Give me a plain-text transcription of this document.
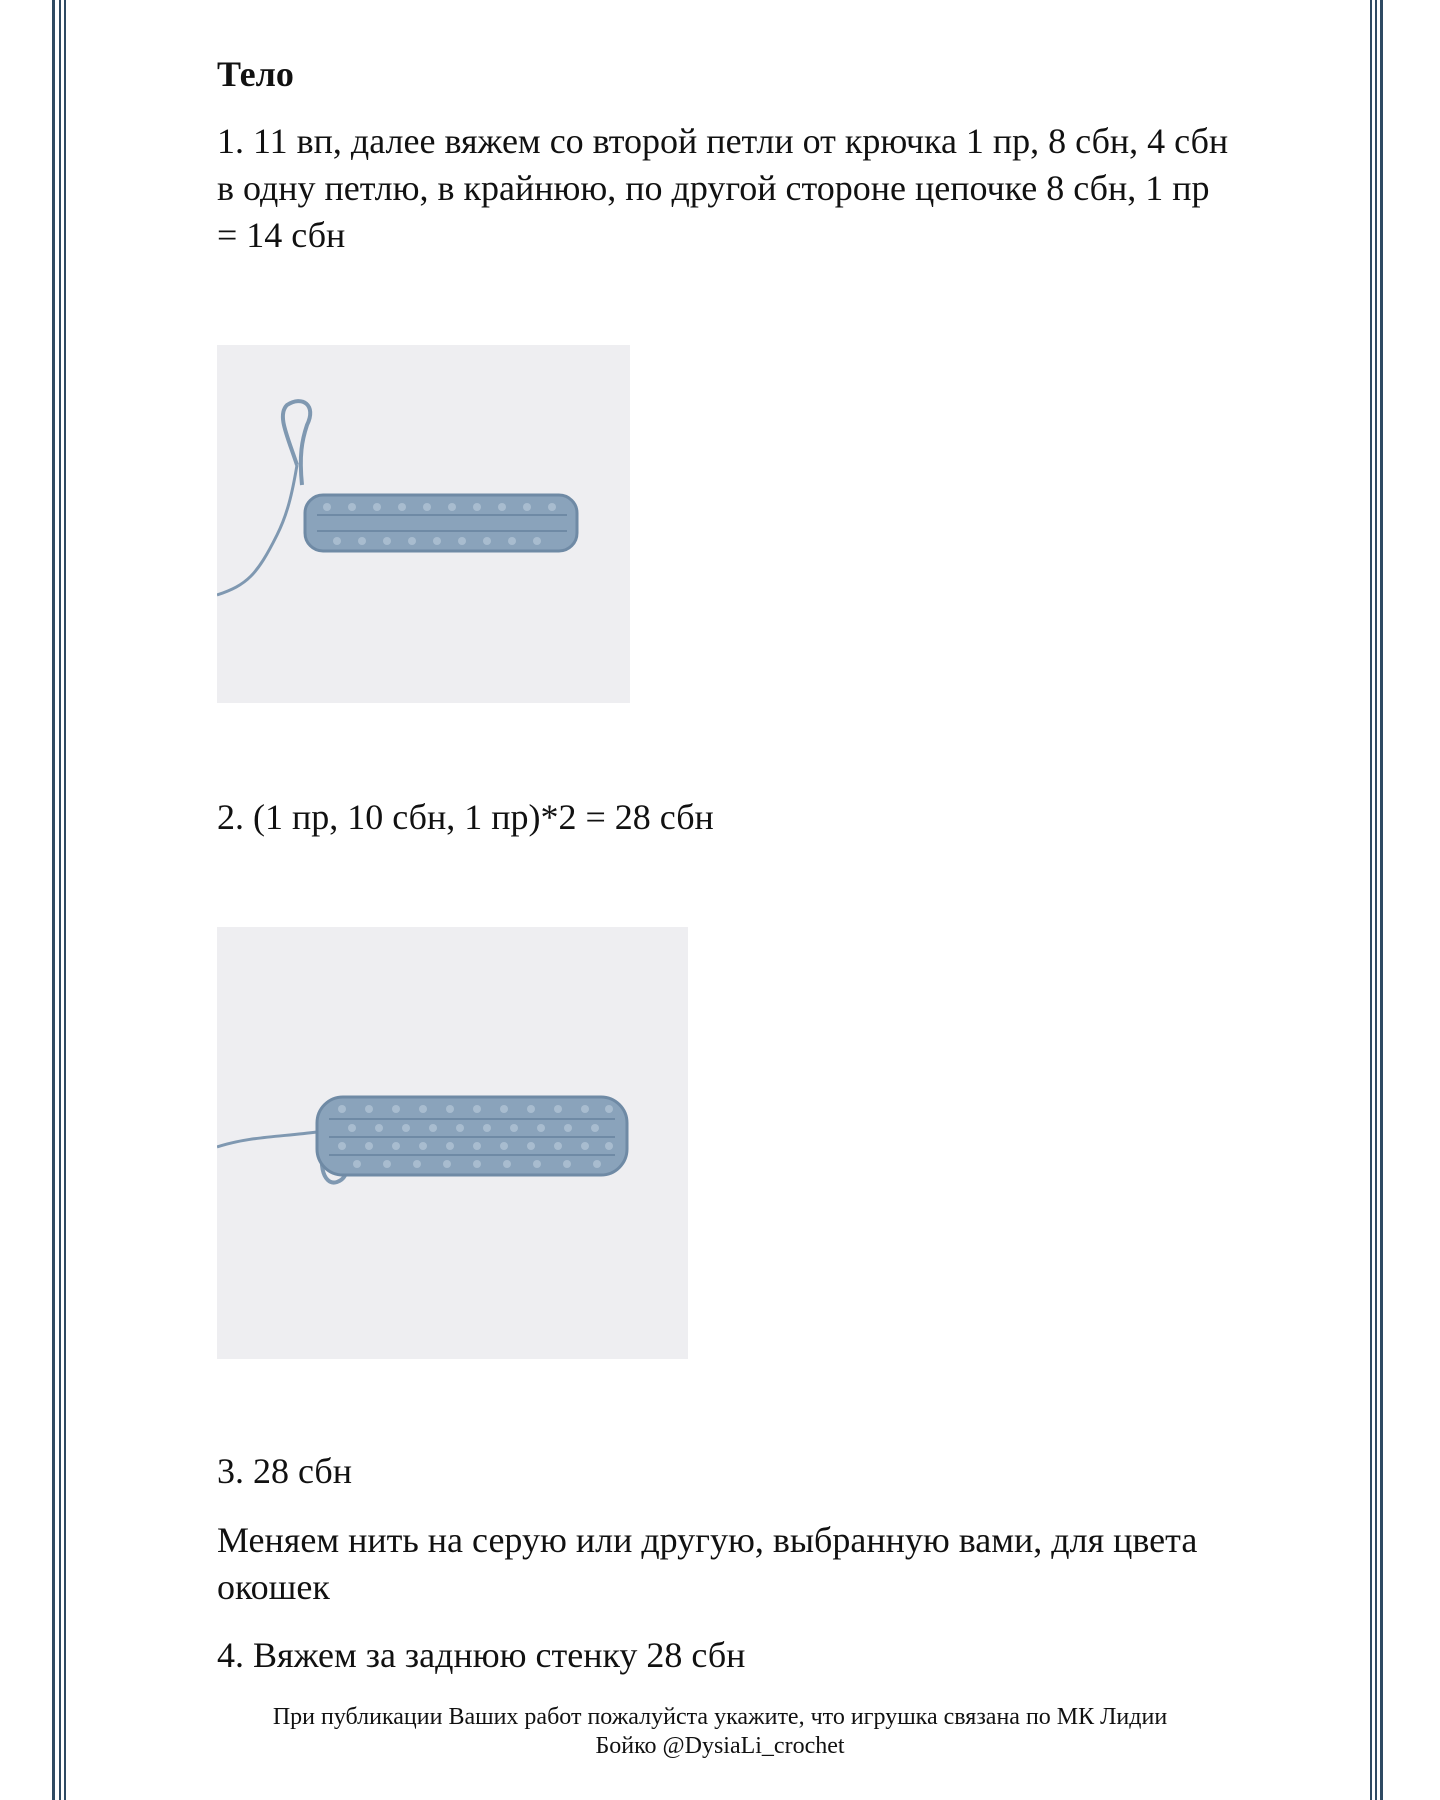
Тело
1. 11 вп, далее вяжем со второй петли от крючка 1 пр, 8 сбн, 4 сбн в одну петлю, в крайнюю, по другой стороне цепочке 8 сбн, 1 пр = 14 сбн
2. (1 пр, 10 сбн, 1 пр)*2 = 28 сбн
3. 28 сбн
Меняем нить на серую или другую, выбранную вами, для цвета окошек
4. Вяжем за заднюю стенку 28 сбн
При публикации Ваших работ пожалуйста укажите, что игрушка связана по МК Лидии
Бойко @DysiaLi_crochet
